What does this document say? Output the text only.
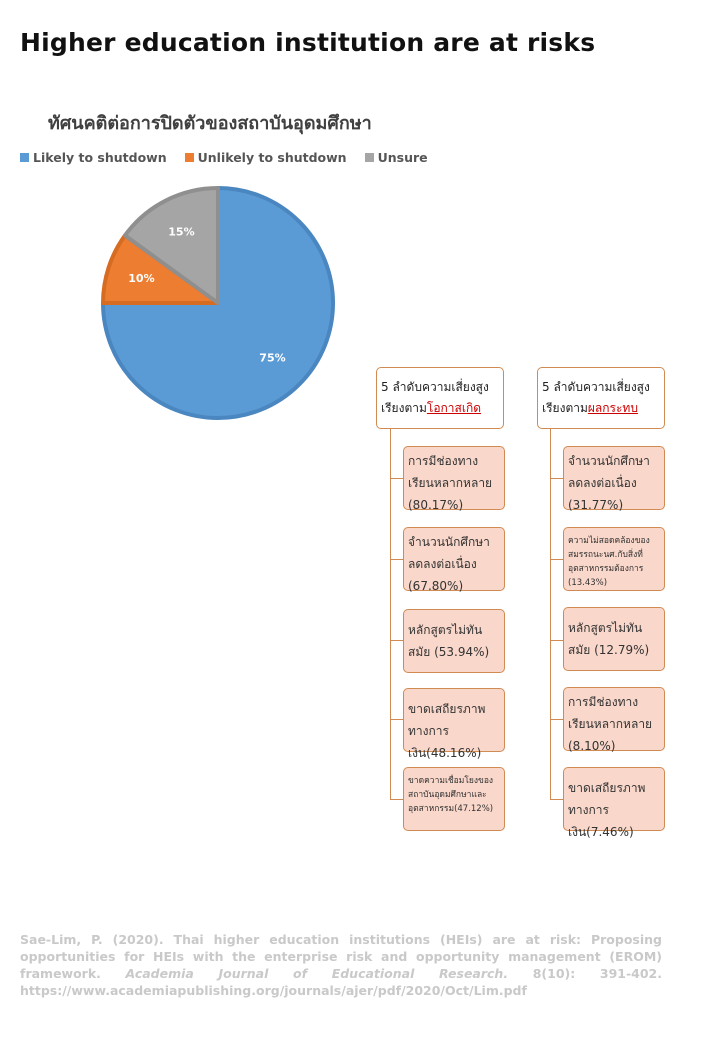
Higher education institution are at risks
ทัศนคติต่อการปิดตัวของสถาบันอุดมศึกษา
Likely to shutdown Unlikely to shutdown Unsure
75%
10%
15%
5 ลำดับความเสี่ยงสูง
เรียงตามโอกาสเกิด
การมีช่องทางเรียนหลากหลาย (80.17%)
จำนวนนักศึกษาลดลงต่อเนื่อง (67.80%)
หลักสูตรไม่ทันสมัย (53.94%)
ขาดเสถียรภาพทางการเงิน(48.16%)
ขาดความเชื่อมโยงของสถาบันอุดมศึกษาและอุตสาหกรรม(47.12%)
5 ลำดับความเสี่ยงสูง
เรียงตามผลกระทบ
จำนวนนักศึกษาลดลงต่อเนื่อง (31.77%)
ความไม่สอดคล้องของสมรรถนะนศ.กับสิ่งที่อุตสาหกรรมต้องการ (13.43%)
หลักสูตรไม่ทันสมัย (12.79%)
การมีช่องทางเรียนหลากหลาย (8.10%)
ขาดเสถียรภาพทางการเงิน(7.46%)
Sae-Lim, P. (2020). Thai higher education institutions (HEIs) are at risk: Proposing opportunities for HEIs with the enterprise risk and opportunity management (EROM) framework. Academia Journal of Educational Research. 8(10): 391-402. https://www.academiapublishing.org/journals/ajer/pdf/2020/Oct/Lim.pdf
